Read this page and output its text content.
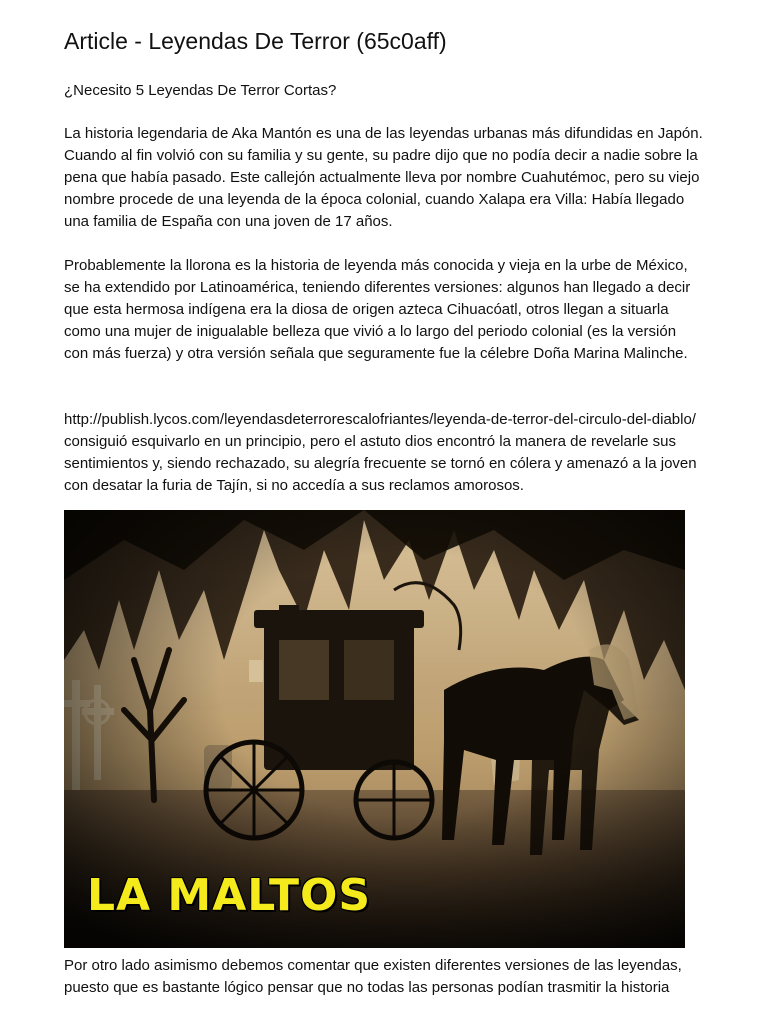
Article - Leyendas De Terror (65c0aff)

¿Necesito 5 Leyendas De Terror Cortas?

La historia legendaria de Aka Mantón es una de las leyendas urbanas más difundidas en Japón. Cuando al fin volvió con su familia y su gente, su padre dijo que no podía decir a nadie sobre la pena que había pasado. Este callejón actualmente lleva por nombre Cuahutémoc, pero su viejo nombre procede de una leyenda de la época colonial, cuando Xalapa era Villa: Había llegado una familia de España con una joven de 17 años.

Probablemente la llorona es la historia de leyenda más conocida y vieja en la urbe de México, se ha extendido por Latinoamérica, teniendo diferentes versiones: algunos han llegado a decir que esta hermosa indígena era la diosa de origen azteca Cihuacóatl, otros llegan a situarla como una mujer de inigualable belleza que vivió a lo largo del periodo colonial (es la versión con más fuerza) y otra versión señala que seguramente fue la célebre Doña Marina Malinche.

http://publish.lycos.com/leyendasdeterrorescalofriantes/leyenda-de-terror-del-circulo-del-diablo/ consiguió esquivarlo en un principio, pero el astuto dios encontró la manera de revelarle sus sentimientos y, siendo rechazado, su alegría frecuente se tornó en cólera y amenazó a la joven con desatar la furia de Tajín, si no accedía a sus reclamos amorosos.

LA MALTOS

Por otro lado asimismo debemos comentar que existen diferentes versiones de las leyendas, puesto que es bastante lógico pensar que no todas las personas podían trasmitir la historia
